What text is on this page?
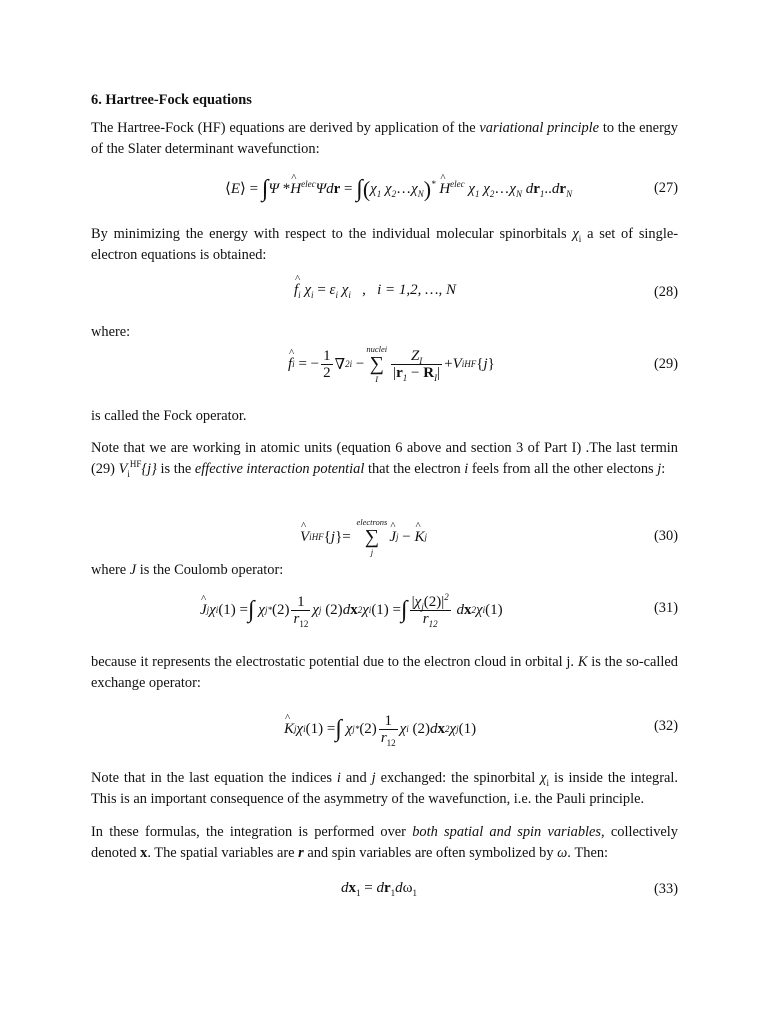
6. Hartree-Fock equations

The Hartree-Fock (HF) equations are derived by application of the variational principle to the energy of the Slater determinant wavefunction:

⟨E⟩ = ∫Ψ *^ $H^{elec}\Psi dr = \int(\chi_1$ $\chi_2\dots\chi_N)^*$ ^ $H^{elec}$ $\chi_1$ $\chi_2\dots\chi_N$ $dr_1..dr_N$	(27)

By minimizing the energy with respect to the individual molecular spinorbitals $\chi_i$ a set of single-electron equations is obtained:

^ $f_i$ $\chi_i = \varepsilon_i$ $\chi_i$   ,   i = 1,2, …, N	(28)

where:

^ f i
= − $\frac{1}{2}$ ∇ 2 i
−
nuclei
∑
I $\frac{Z_I}{|r_1 - R_I|} + V$ i HF { j }	(29)

is called the Fock operator.

Note that we are working in atomic units (equation 6 above and section 3 of Part I) .The last termin (29) $V_i^{HF}\{j\}$ is the effective interaction potential that the electron i feels from all the other electons j:

^ V i HF { j }=

electrons
∑
j
^ J j
−
^ K j	(30)

where J is the Coulomb operator:

^ J j χ i (1) = ∫ χ j * $(2) \frac{1}{r_{12}}$ χ j
(2) d x 2 χ i (1) = ∫ $\frac{|\chi_j(2)|^2}{r_{12}}$
d x 2 χ i (1)	(31)

because it represents the electrostatic potential due to the electron cloud in orbital j. K is the so-called exchange operator:

^ K j χ i (1) = ∫ χ j * $(2) \frac{1}{r_{12}}$ χ i
(2) d x 2 χ j (1)	(32)

Note that in the last equation the indices i and j exchanged: the spinorbital $\chi_i$ is inside the integral. This is an important consequence of the asymmetry of the wavefunction, i.e. the Pauli principle.

In these formulas, the integration is performed over both spatial and spin variables, collectively denoted x. The spatial variables are r and spin variables are often symbolized by ω. Then:

$dx_1 = dr_1d\omega_1$	(33)
